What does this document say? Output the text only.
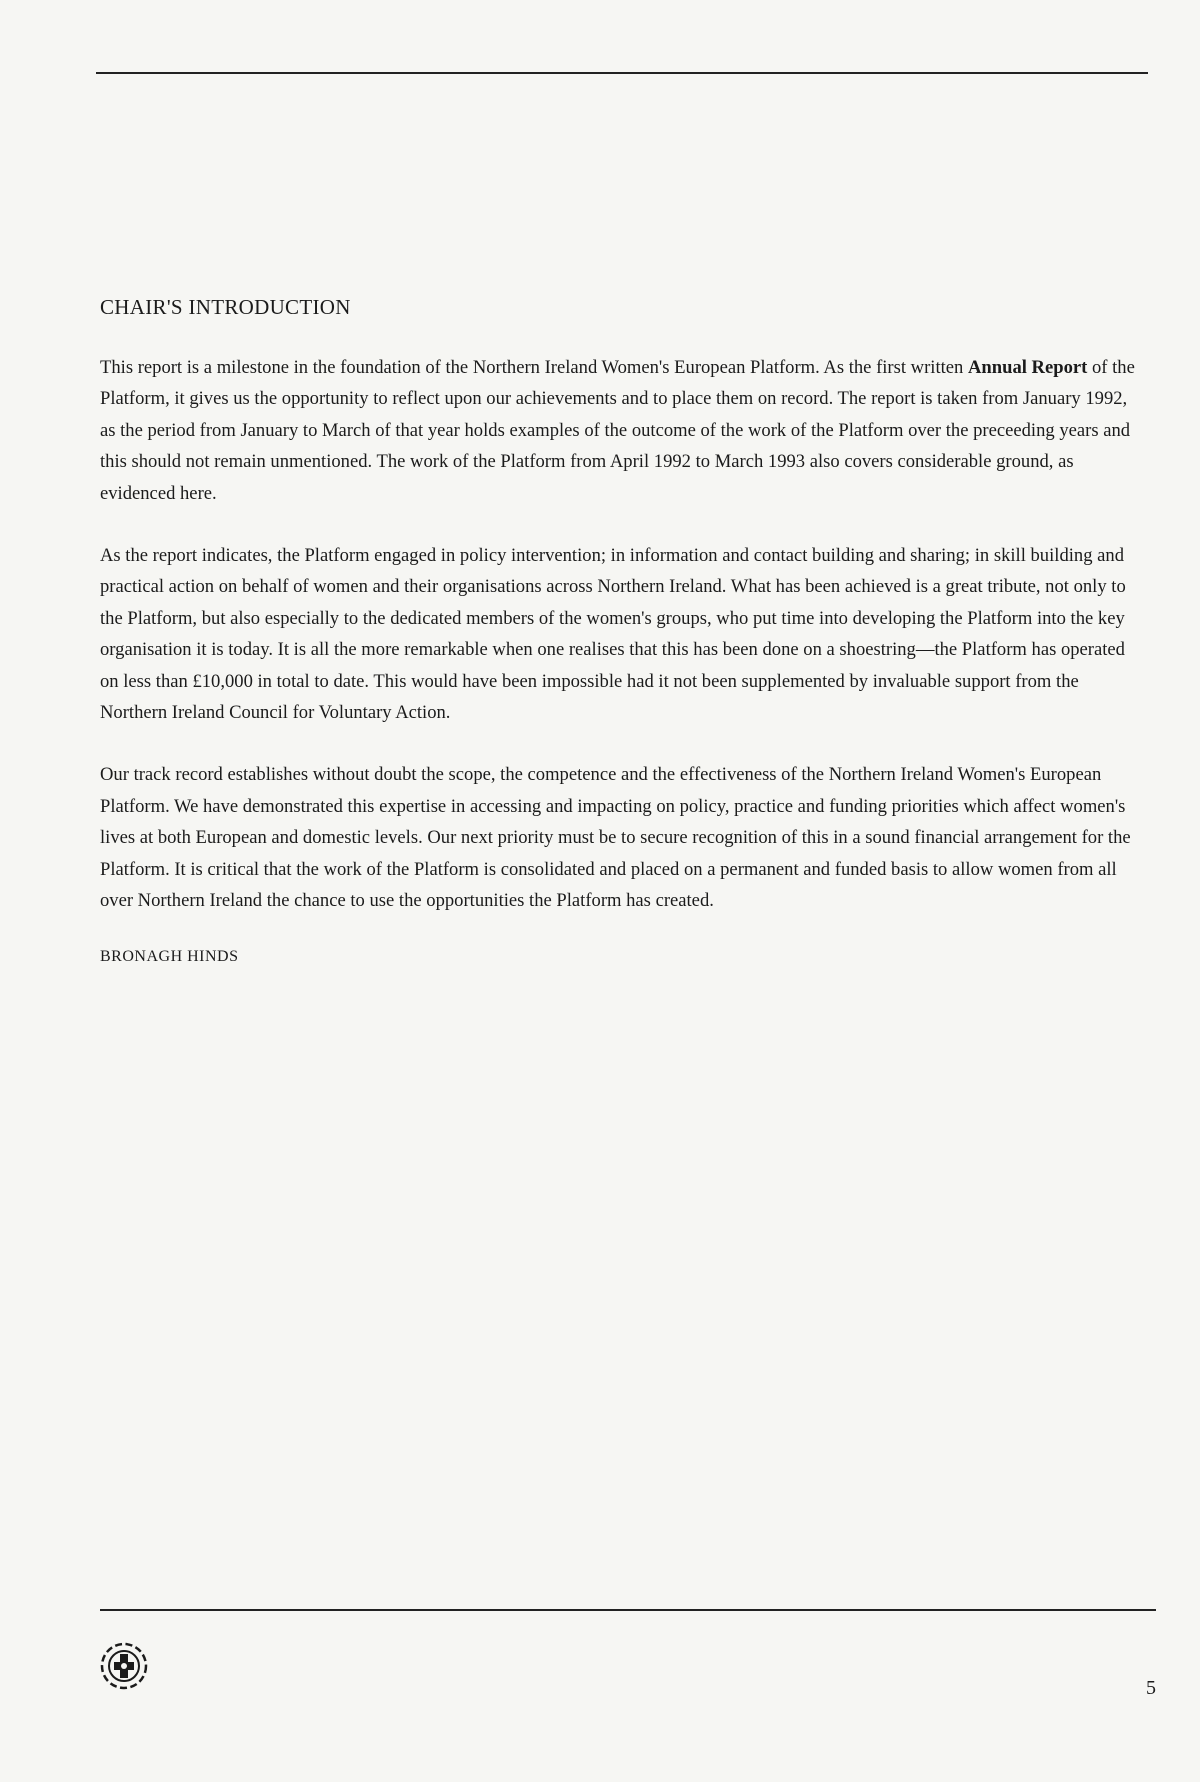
CHAIR'S INTRODUCTION

This report is a milestone in the foundation of the Northern Ireland Women's European Platform. As the first written Annual Report of the Platform, it gives us the opportunity to reflect upon our achievements and to place them on record. The report is taken from January 1992, as the period from January to March of that year holds examples of the outcome of the work of the Platform over the preceeding years and this should not remain unmentioned. The work of the Platform from April 1992 to March 1993 also covers considerable ground, as evidenced here.

As the report indicates, the Platform engaged in policy intervention; in information and contact building and sharing; in skill building and practical action on behalf of women and their organisations across Northern Ireland. What has been achieved is a great tribute, not only to the Platform, but also especially to the dedicated members of the women's groups, who put time into developing the Platform into the key organisation it is today. It is all the more remarkable when one realises that this has been done on a shoestring—the Platform has operated on less than £10,000 in total to date. This would have been impossible had it not been supplemented by invaluable support from the Northern Ireland Council for Voluntary Action.

Our track record establishes without doubt the scope, the competence and the effectiveness of the Northern Ireland Women's European Platform. We have demonstrated this expertise in accessing and impacting on policy, practice and funding priorities which affect women's lives at both European and domestic levels. Our next priority must be to secure recognition of this in a sound financial arrangement for the Platform. It is critical that the work of the Platform is consolidated and placed on a permanent and funded basis to allow women from all over Northern Ireland the chance to use the opportunities the Platform has created.

BRONAGH HINDS
5
